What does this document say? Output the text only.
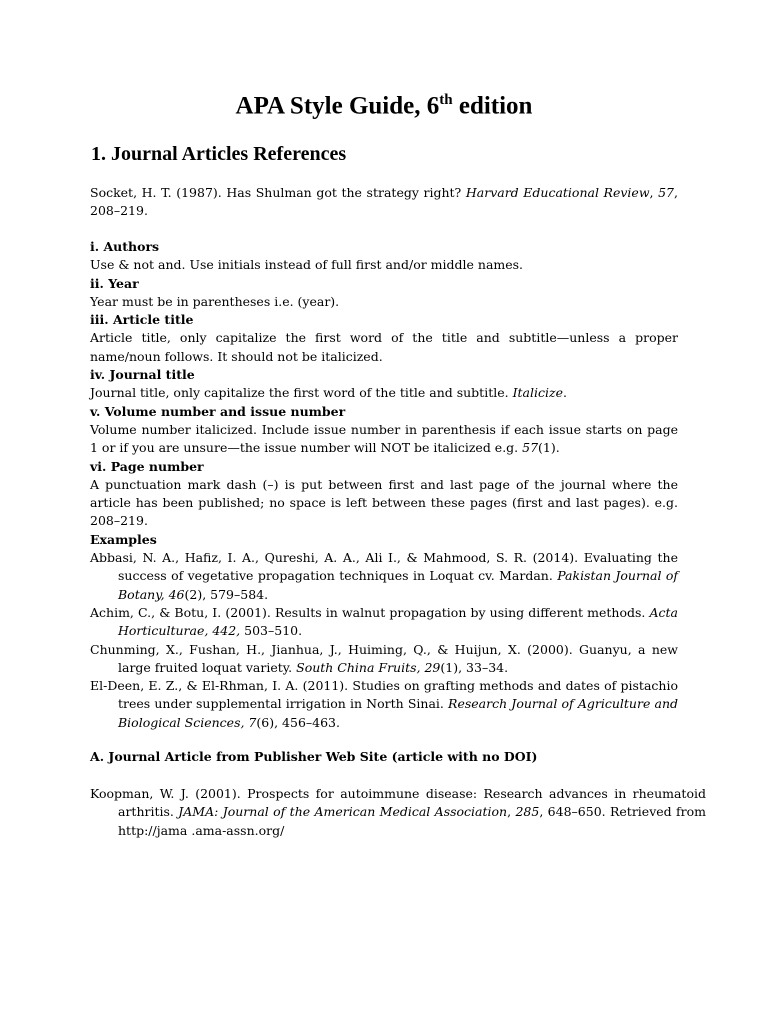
APA Style Guide, 6th edition
1. Journal Articles References
Socket, H. T. (1987). Has Shulman got the strategy right? Harvard Educational Review, 57, 208–219.
i. Authors
Use & not and. Use initials instead of full first and/or middle names.
ii. Year
Year must be in parentheses i.e. (year).
iii. Article title
Article title, only capitalize the first word of the title and subtitle—unless a proper name/noun follows. It should not be italicized.
iv. Journal title
Journal title, only capitalize the first word of the title and subtitle. Italicize.
v. Volume number and issue number
Volume number italicized. Include issue number in parenthesis if each issue starts on page 1 or if you are unsure—the issue number will NOT be italicized e.g. 57(1).
vi. Page number
A punctuation mark dash (–) is put between first and last page of the journal where the article has been published; no space is left between these pages (first and last pages). e.g. 208–219.
Examples
Abbasi, N. A., Hafiz, I. A., Qureshi, A. A., Ali I., & Mahmood, S. R. (2014). Evaluating the success of vegetative propagation techniques in Loquat cv. Mardan. Pakistan Journal of Botany, 46(2), 579–584.
Achim, C., & Botu, I. (2001). Results in walnut propagation by using different methods. Acta Horticulturae, 442, 503–510.
Chunming, X., Fushan, H., Jianhua, J., Huiming, Q., & Huijun, X. (2000). Guanyu, a new large fruited loquat variety. South China Fruits, 29(1), 33–34.
El-Deen, E. Z., & El-Rhman, I. A. (2011). Studies on grafting methods and dates of pistachio trees under supplemental irrigation in North Sinai. Research Journal of Agriculture and Biological Sciences, 7(6), 456–463.
A. Journal Article from Publisher Web Site (article with no DOI)
Koopman, W. J. (2001). Prospects for autoimmune disease: Research advances in rheumatoid arthritis. JAMA: Journal of the American Medical Association, 285, 648–650. Retrieved from http://jama .ama-assn.org/
